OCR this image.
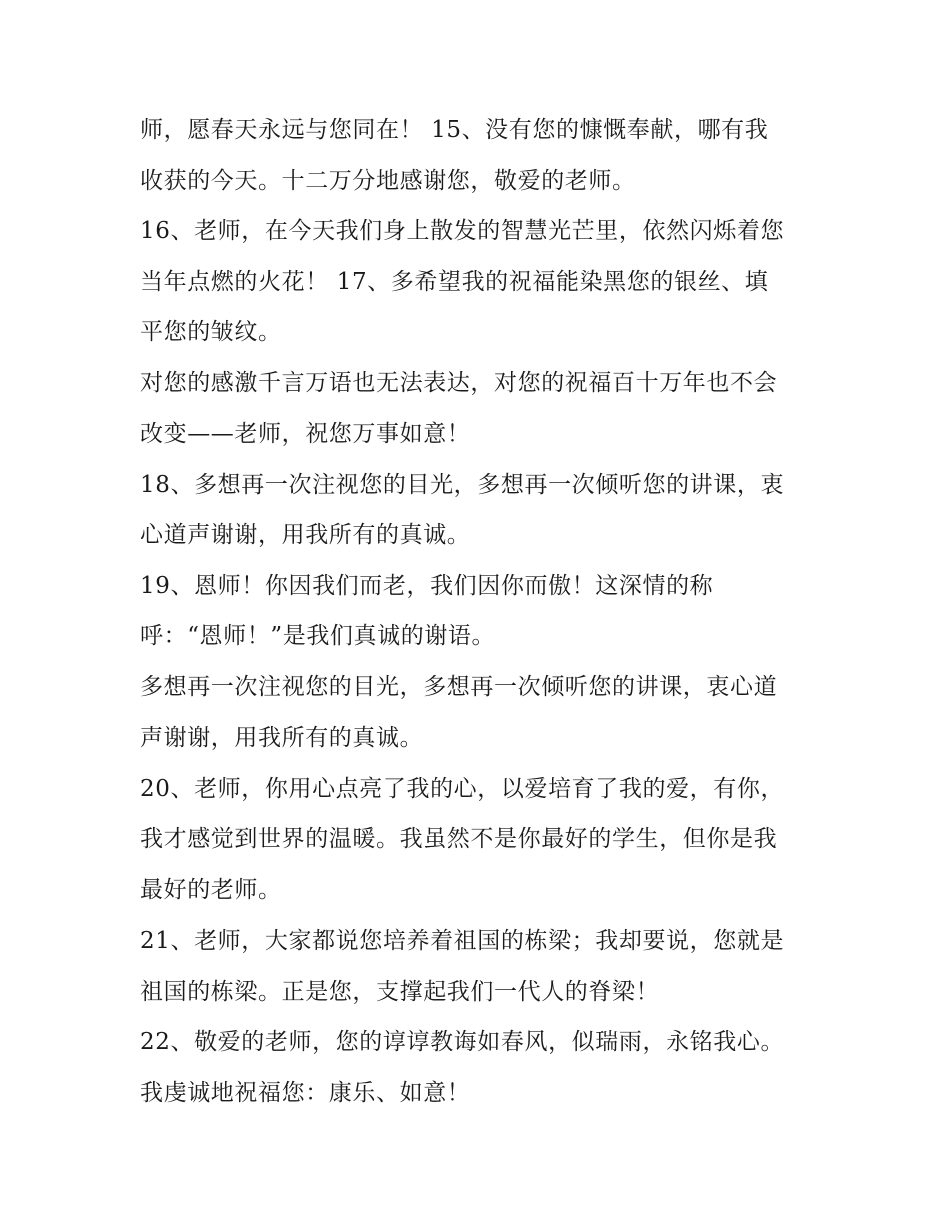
师，愿春天永远与您同在！ 15、没有您的慷慨奉献，哪有我
收获的今天。十二万分地感谢您，敬爱的老师。
16、老师，在今天我们身上散发的智慧光芒里，依然闪烁着您
当年点燃的火花！ 17、多希望我的祝福能染黑您的银丝、填
平您的皱纹。
对您的感激千言万语也无法表达，对您的祝福百十万年也不会
改变——老师，祝您万事如意！
18、多想再一次注视您的目光，多想再一次倾听您的讲课，衷
心道声谢谢，用我所有的真诚。
19、恩师！你因我们而老，我们因你而傲！这深情的称
呼：“恩师！”是我们真诚的谢语。
多想再一次注视您的目光，多想再一次倾听您的讲课，衷心道
声谢谢，用我所有的真诚。
20、老师，你用心点亮了我的心，以爱培育了我的爱，有你，
我才感觉到世界的温暖。我虽然不是你最好的学生，但你是我
最好的老师。
21、老师，大家都说您培养着祖国的栋梁；我却要说，您就是
祖国的栋梁。正是您，支撑起我们一代人的脊梁！
22、敬爱的老师，您的谆谆教诲如春风，似瑞雨，永铭我心。
我虔诚地祝福您：康乐、如意！
